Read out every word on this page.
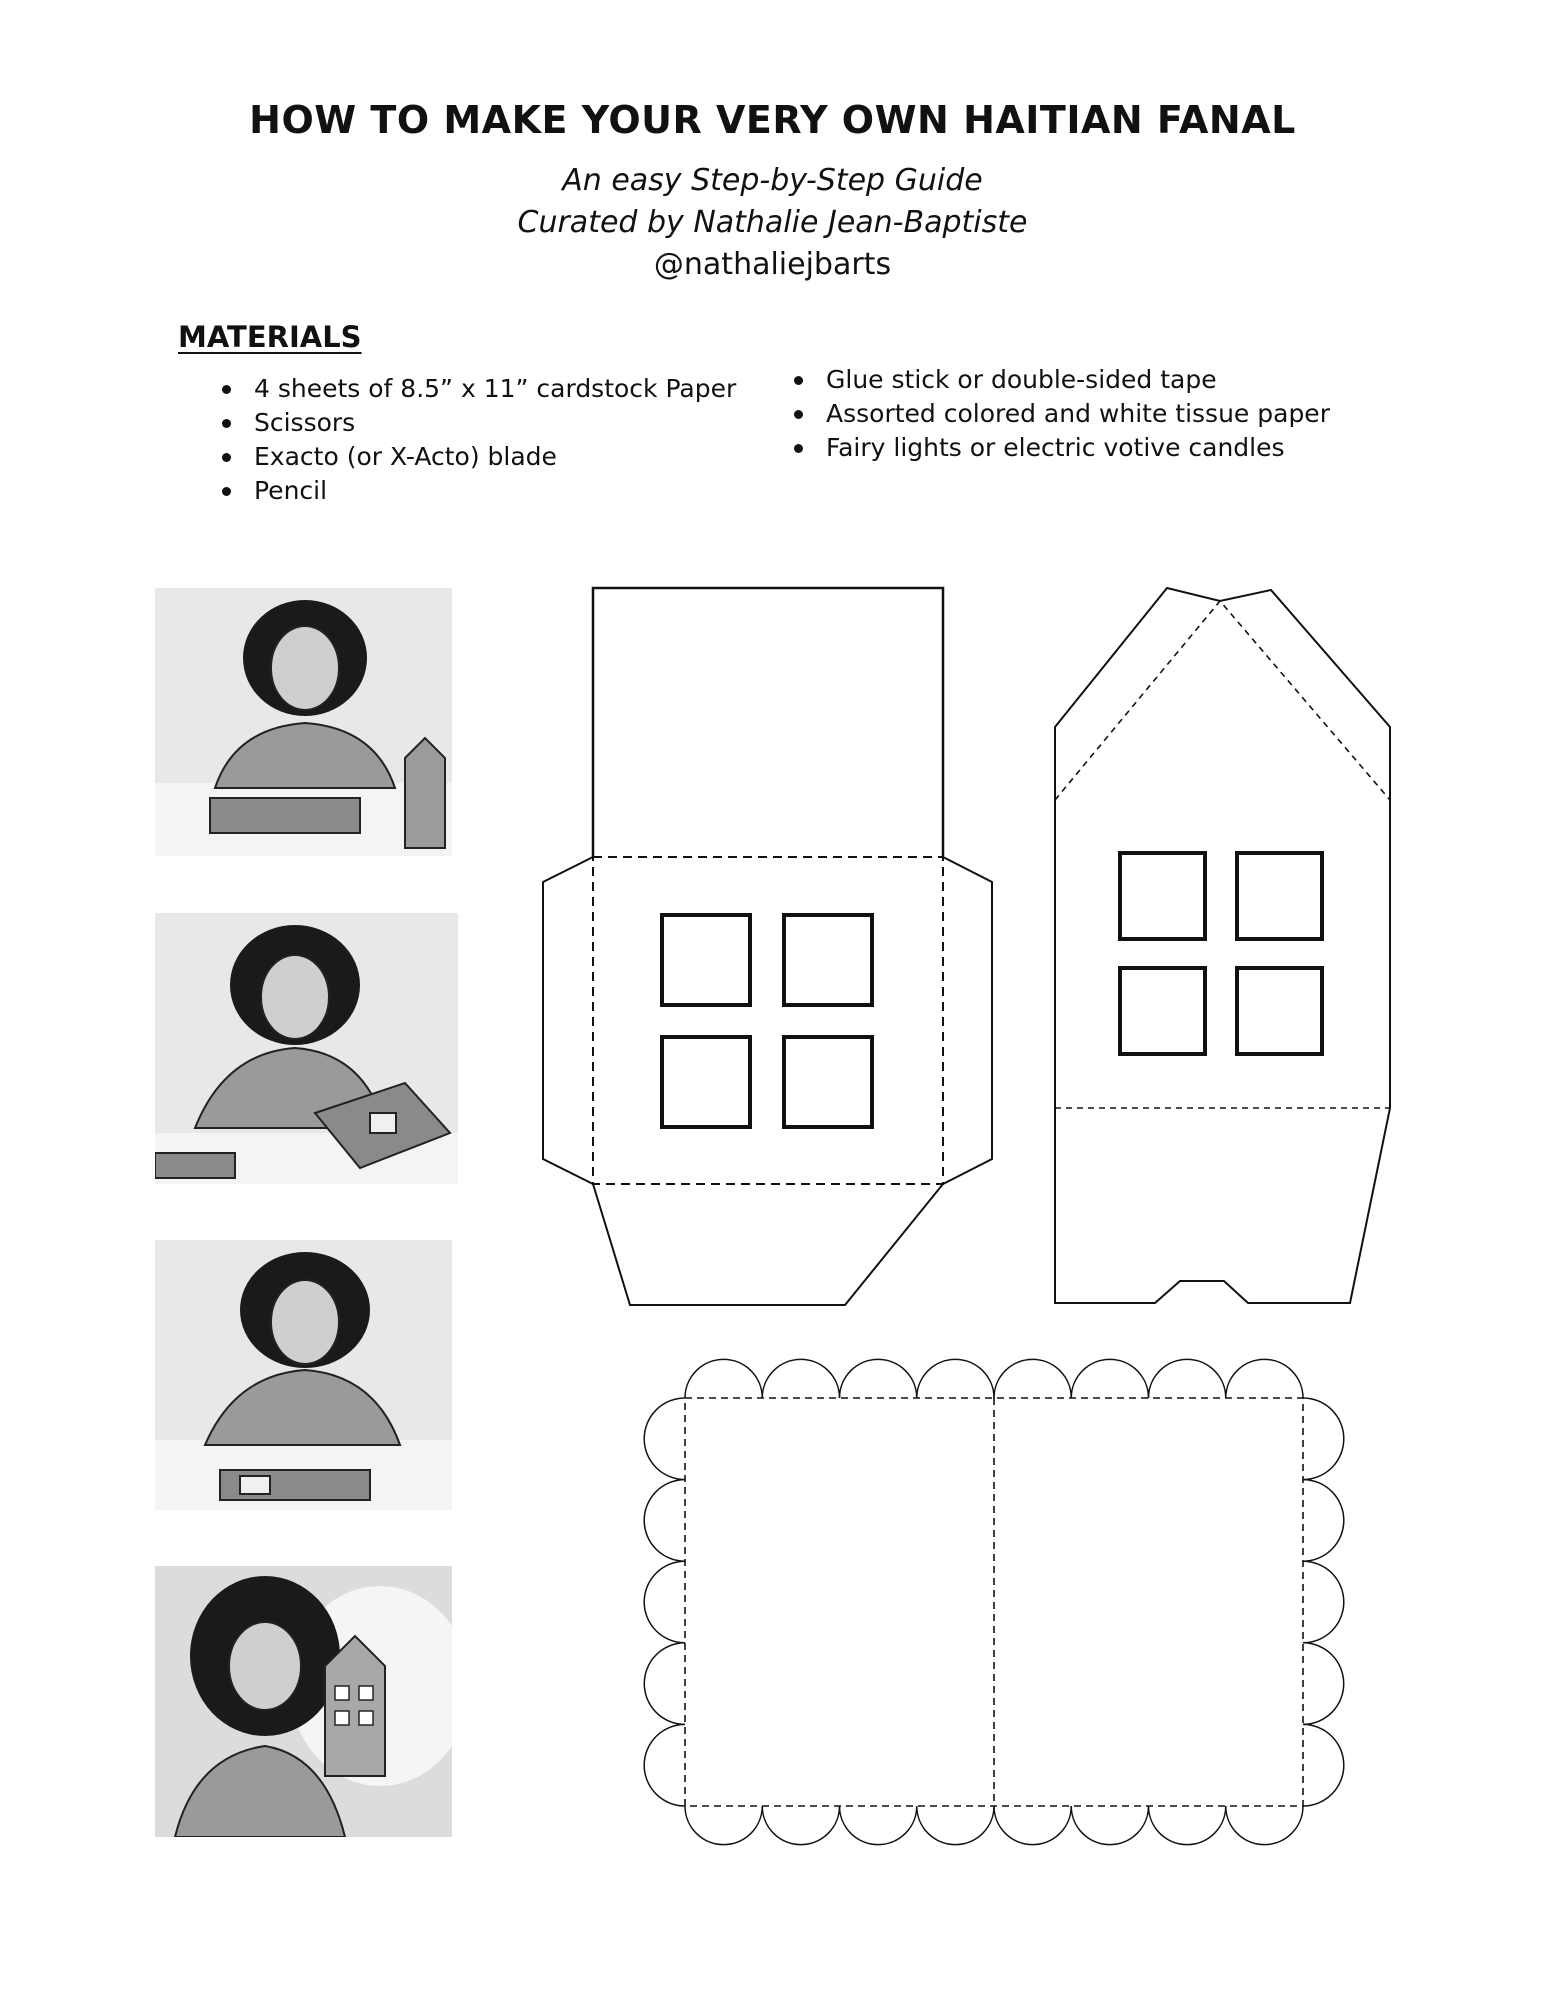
HOW TO MAKE YOUR VERY OWN HAITIAN FANAL

An easy Step-by-Step Guide

Curated by Nathalie Jean-Baptiste

@nathaliejbarts

MATERIALS
4 sheets of 8.5” x 11” cardstock Paper
Scissors
Exacto (or X-Acto) blade
Pencil
Glue stick or double-sided tape
Assorted colored and white tissue paper
Fairy lights or electric votive candles
